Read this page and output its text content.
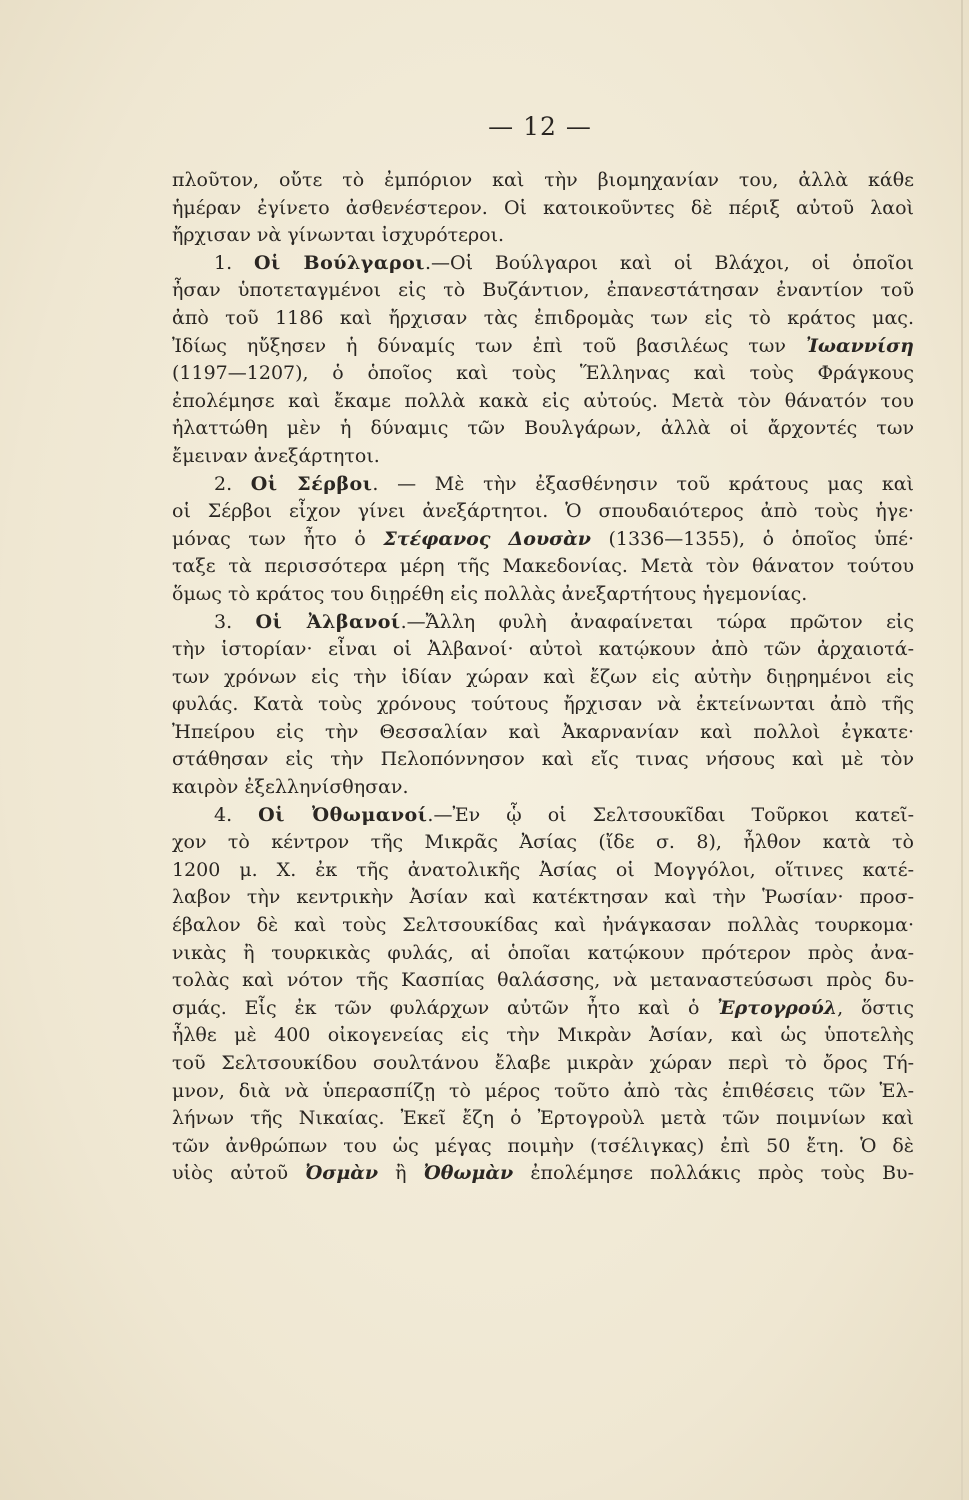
— 12 —
πλοῦτον, οὔτε τὸ ἐμπόριον καὶ τὴν βιομηχανίαν του, ἀλλὰ κάθε
ἡμέραν ἐγίνετο ἀσθενέστερον. Οἱ κατοικοῦντες δὲ πέριξ αὐτοῦ λαοὶ
ἤρχισαν νὰ γίνωνται ἰσχυρότεροι.
1. Οἱ Βούλγαροι.—Οἱ Βούλγαροι καὶ οἱ Βλάχοι, οἱ ὁποῖοι
ἦσαν ὑποτεταγμένοι εἰς τὸ Βυζάντιον, ἐπανεστάτησαν ἐναντίον τοῦ
ἀπὸ τοῦ 1186 καὶ ἤρχισαν τὰς ἐπιδρομὰς των εἰς τὸ κράτος μας.
Ἰδίως ηὔξησεν ἡ δύναμίς των ἐπὶ τοῦ βασιλέως των Ἰωαννίση
(1197—1207), ὁ ὁποῖος καὶ τοὺς Ἕλληνας καὶ τοὺς Φράγκους
ἐπολέμησε καὶ ἔκαμε πολλὰ κακὰ εἰς αὐτούς. Μετὰ τὸν θάνατόν του
ἠλαττώθη μὲν ἡ δύναμις τῶν Βουλγάρων, ἀλλὰ οἱ ἄρχοντές των
ἔμειναν ἀνεξάρτητοι.
2. Οἱ Σέρβοι. — Μὲ τὴν ἐξασθένησιν τοῦ κράτους μας καὶ
οἱ Σέρβοι εἶχον γίνει ἀνεξάρτητοι. Ὁ σπουδαιότερος ἀπὸ τοὺς ἡγε·
μόνας των ἦτο ὁ Στέφανος Δουσὰν (1336—1355), ὁ ὁποῖος ὑπέ·
ταξε τὰ περισσότερα μέρη τῆς Μακεδονίας. Μετὰ τὸν θάνατον τούτου
ὅμως τὸ κράτος του διῃρέθη εἰς πολλὰς ἀνεξαρτήτους ἡγεμονίας.
3. Οἱ Ἀλβανοί.—Ἄλλη φυλὴ ἀναφαίνεται τώρα πρῶτον εἰς
τὴν ἱστορίαν· εἶναι οἱ Ἀλβανοί· αὐτοὶ κατῴκουν ἀπὸ τῶν ἀρχαιοτά-
των χρόνων εἰς τὴν ἰδίαν χώραν καὶ ἔζων εἰς αὐτὴν διῃρημένοι εἰς
φυλάς. Κατὰ τοὺς χρόνους τούτους ἤρχισαν νὰ ἐκτείνωνται ἀπὸ τῆς
Ἠπείρου εἰς τὴν Θεσσαλίαν καὶ Ἀκαρνανίαν καὶ πολλοὶ ἐγκατε·
στάθησαν εἰς τὴν Πελοπόννησον καὶ εἴς τινας νήσους καὶ μὲ τὸν
καιρὸν ἐξελληνίσθησαν.
4. Οἱ Ὀθωμανοί.—Ἐν ᾧ οἱ Σελτσουκῖδαι Τοῦρκοι κατεῖ-
χον τὸ κέντρον τῆς Μικρᾶς Ἀσίας (ἴδε σ. 8), ἦλθον κατὰ τὸ
1200 μ. Χ. ἐκ τῆς ἀνατολικῆς Ἀσίας οἱ Μογγόλοι, οἵτινες κατέ-
λαβον τὴν κεντρικὴν Ἀσίαν καὶ κατέκτησαν καὶ τὴν Ῥωσίαν· προσ-
έβαλον δὲ καὶ τοὺς Σελτσουκίδας καὶ ἠνάγκασαν πολλὰς τουρκομα·
νικὰς ἢ τουρκικὰς φυλάς, αἱ ὁποῖαι κατῴκουν πρότερον πρὸς ἀνα-
τολὰς καὶ νότον τῆς Κασπίας θαλάσσης, νὰ μεταναστεύσωσι πρὸς δυ-
σμάς. Εἷς ἐκ τῶν φυλάρχων αὐτῶν ἦτο καὶ ὁ Ἐρτογρούλ, ὅστις
ἦλθε μὲ 400 οἰκογενείας εἰς τὴν Μικρὰν Ἀσίαν, καὶ ὡς ὑποτελὴς
τοῦ Σελτσουκίδου σουλτάνου ἔλαβε μικρὰν χώραν περὶ τὸ ὄρος Τή-
μνον, διὰ νὰ ὑπερασπίζῃ τὸ μέρος τοῦτο ἀπὸ τὰς ἐπιθέσεις τῶν Ἑλ-
λήνων τῆς Νικαίας. Ἐκεῖ ἔζη ὁ Ἐρτογροὺλ μετὰ τῶν ποιμνίων καὶ
τῶν ἀνθρώπων του ὡς μέγας ποιμὴν (τσέλιγκας) ἐπὶ 50 ἔτη. Ὁ δὲ
υἱὸς αὐτοῦ Ὀσμὰν ἢ Ὀθωμὰν ἐπολέμησε πολλάκις πρὸς τοὺς Βυ-
